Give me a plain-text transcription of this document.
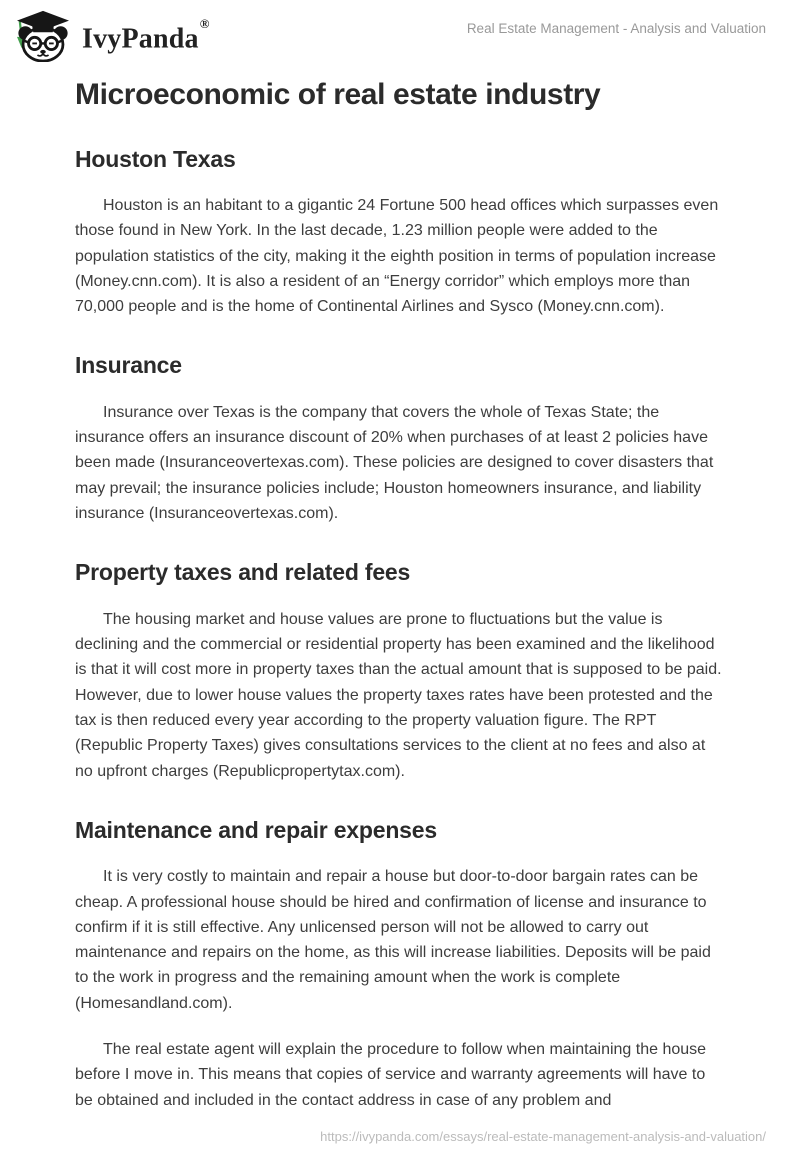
IvyPanda®	Real Estate Management - Analysis and Valuation
Microeconomic of real estate industry
Houston Texas

Houston is an habitant to a gigantic 24 Fortune 500 head offices which surpasses even those found in New York. In the last decade, 1.23 million people were added to the population statistics of the city, making it the eighth position in terms of population increase (Money.cnn.com). It is also a resident of an “Energy corridor” which employs more than 70,000 people and is the home of Continental Airlines and Sysco (Money.cnn.com).

Insurance

Insurance over Texas is the company that covers the whole of Texas State; the insurance offers an insurance discount of 20% when purchases of at least 2 policies have been made (Insuranceovertexas.com). These policies are designed to cover disasters that may prevail; the insurance policies include; Houston homeowners insurance, and liability insurance (Insuranceovertexas.com).

Property taxes and related fees

The housing market and house values are prone to fluctuations but the value is declining and the commercial or residential property has been examined and the likelihood is that it will cost more in property taxes than the actual amount that is supposed to be paid. However, due to lower house values the property taxes rates have been protested and the tax is then reduced every year according to the property valuation figure. The RPT (Republic Property Taxes) gives consultations services to the client at no fees and also at no upfront charges (Republicpropertytax.com).

Maintenance and repair expenses

It is very costly to maintain and repair a house but door-to-door bargain rates can be cheap. A professional house should be hired and confirmation of license and insurance to confirm if it is still effective. Any unlicensed person will not be allowed to carry out maintenance and repairs on the home, as this will increase liabilities. Deposits will be paid to the work in progress and the remaining amount when the work is complete (Homesandland.com).

The real estate agent will explain the procedure to follow when maintaining the house before I move in. This means that copies of service and warranty agreements will have to be obtained and included in the contact address in case of any problem and

https://ivypanda.com/essays/real-estate-management-analysis-and-valuation/
